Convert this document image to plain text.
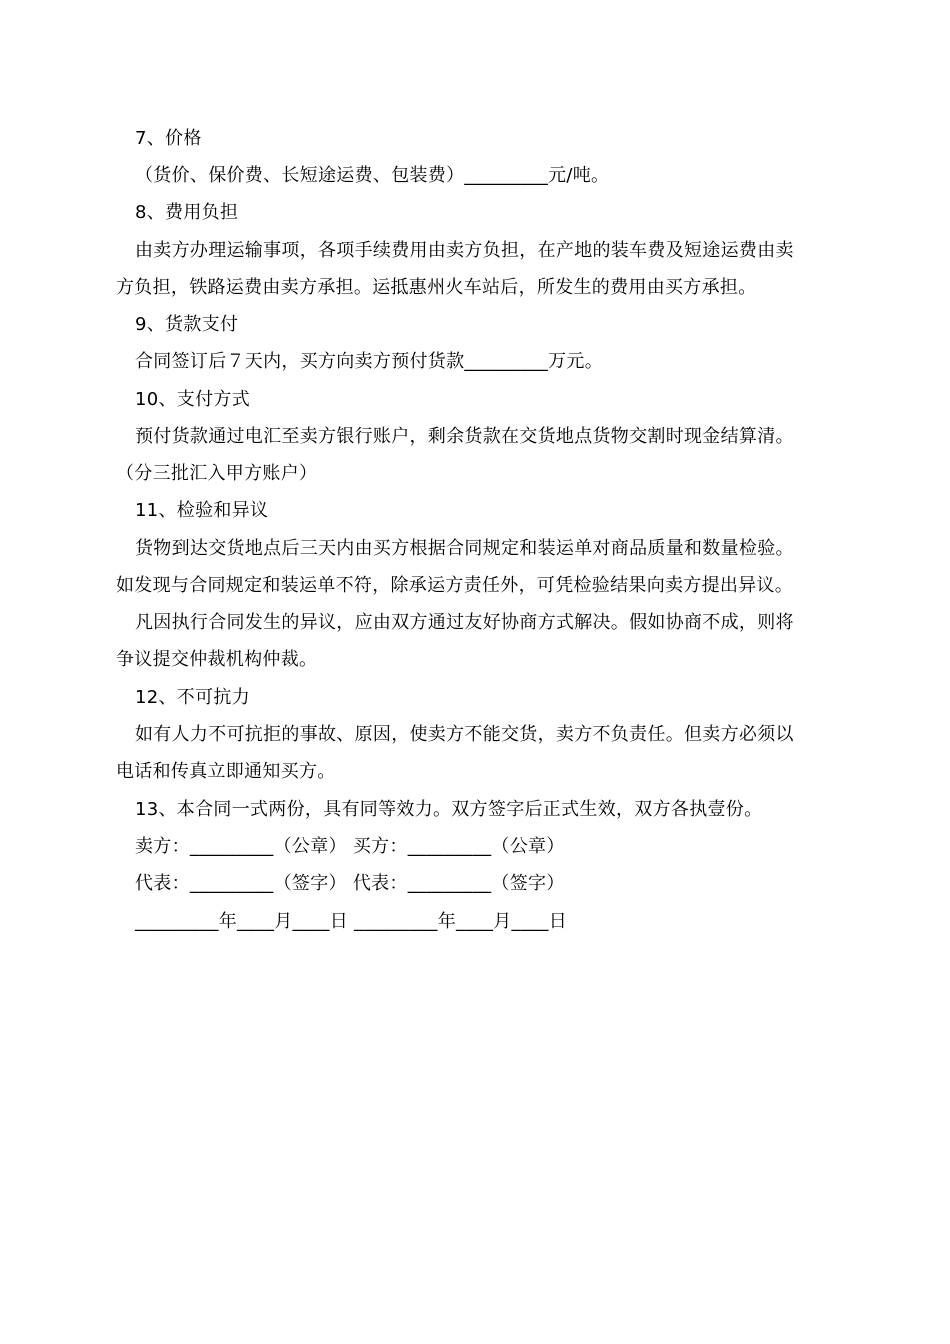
7、价格
（货价、保价费、长短途运费、包装费）_________元/吨。
8、费用负担
由卖方办理运输事项，各项手续费用由卖方负担，在产地的装车费及短途运费由卖
方负担，铁路运费由卖方承担。运抵惠州火车站后，所发生的费用由买方承担。
9、货款支付
合同签订后７天内，买方向卖方预付货款_________万元。
10、支付方式
预付货款通过电汇至卖方银行账户，剩余货款在交货地点货物交割时现金结算清。
（分三批汇入甲方账户）
11、检验和异议
货物到达交货地点后三天内由买方根据合同规定和装运单对商品质量和数量检验。
如发现与合同规定和装运单不符，除承运方责任外，可凭检验结果向卖方提出异议。
凡因执行合同发生的异议，应由双方通过友好协商方式解决。假如协商不成，则将
争议提交仲裁机构仲裁。
12、不可抗力
如有人力不可抗拒的事故、原因，使卖方不能交货，卖方不负责任。但卖方必须以
电话和传真立即通知买方。
13、本合同一式两份，具有同等效力。双方签字后正式生效，双方各执壹份。
卖方：_________（公章） 买方：_________（公章）
代表：_________（签字） 代表：_________（签字）
_________年____月____日 _________年____月____日
